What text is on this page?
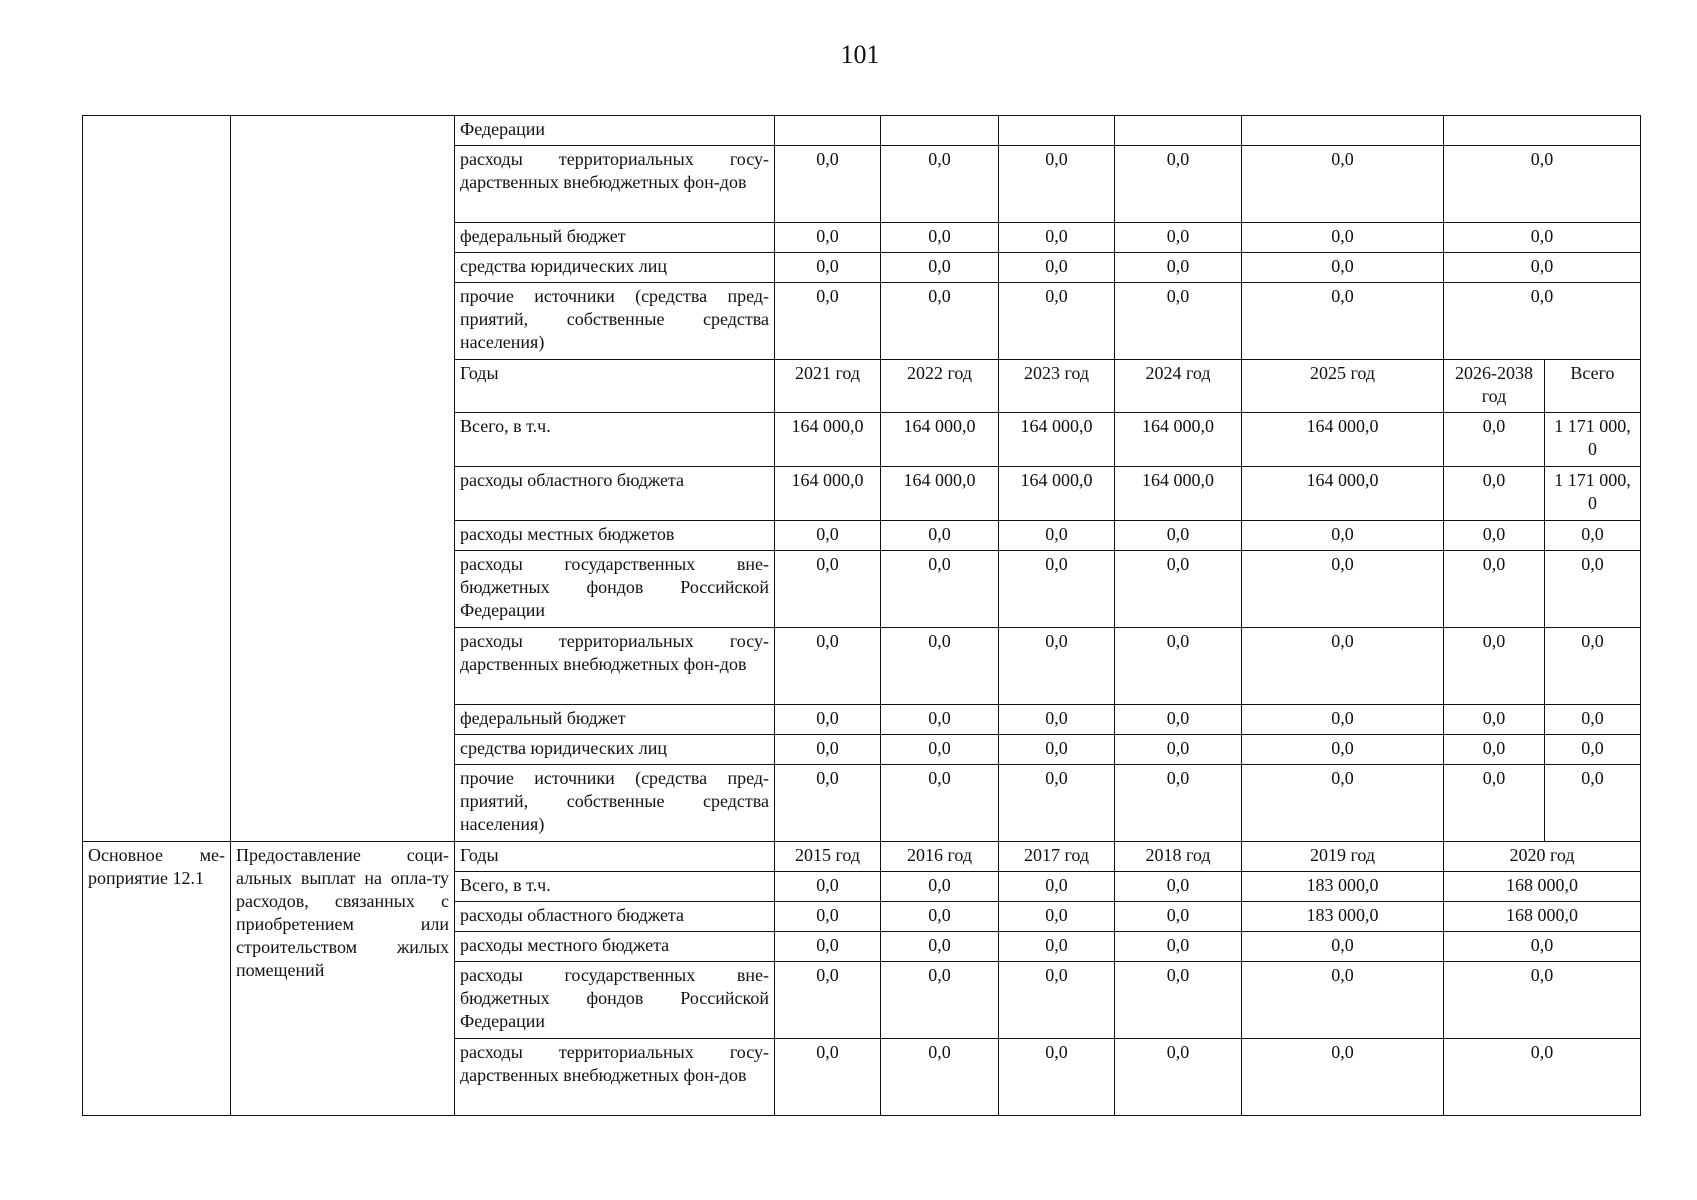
101
		Федерации							
		расходы территориальных госу-дарственных внебюджетных фон-дов	0,0	0,0	0,0	0,0	0,0	0,0	
		федеральный бюджет	0,0	0,0	0,0	0,0	0,0	0,0	
		средства юридических лиц	0,0	0,0	0,0	0,0	0,0	0,0	
		прочие источники (средства пред-приятий, собственные средства населения)	0,0	0,0	0,0	0,0	0,0	0,0	
		Годы	2021 год	2022 год	2023 год	2024 год	2025 год	2026-2038 год	Всего
		Всего, в т.ч.	164 000,0	164 000,0	164 000,0	164 000,0	164 000,0	0,0	1 171 000, 0
		расходы областного бюджета	164 000,0	164 000,0	164 000,0	164 000,0	164 000,0	0,0	1 171 000, 0
		расходы местных бюджетов	0,0	0,0	0,0	0,0	0,0	0,0	0,0
		расходы государственных вне-бюджетных фондов Российской Федерации	0,0	0,0	0,0	0,0	0,0	0,0	0,0
		расходы территориальных госу-дарственных внебюджетных фон-дов	0,0	0,0	0,0	0,0	0,0	0,0	0,0
		федеральный бюджет	0,0	0,0	0,0	0,0	0,0	0,0	0,0
		средства юридических лиц	0,0	0,0	0,0	0,0	0,0	0,0	0,0
		прочие источники (средства пред-приятий, собственные средства населения)	0,0	0,0	0,0	0,0	0,0	0,0	0,0
Основное ме-роприятие 12.1	Предоставление соци-альных выплат на опла-ту расходов, связанных с приобретением или строительством жилых помещений	Годы	2015 год	2016 год	2017 год	2018 год	2019 год	2020 год
		Всего, в т.ч.	0,0	0,0	0,0	0,0	183 000,0	168 000,0
		расходы областного бюджета	0,0	0,0	0,0	0,0	183 000,0	168 000,0
		расходы местного бюджета	0,0	0,0	0,0	0,0	0,0	0,0
		расходы государственных вне-бюджетных фондов Российской Федерации	0,0	0,0	0,0	0,0	0,0	0,0
		расходы территориальных госу-дарственных внебюджетных фон-дов	0,0	0,0	0,0	0,0	0,0	0,0
